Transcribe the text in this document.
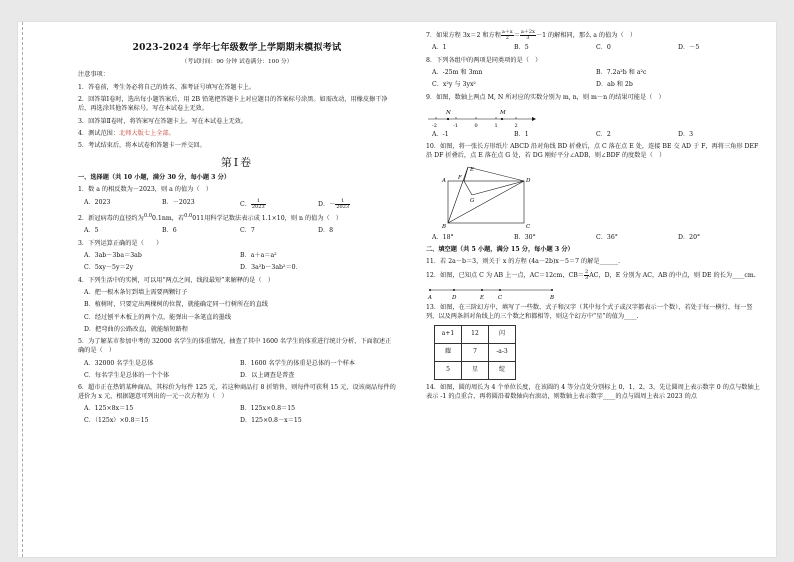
2023-2024 学年七年级数学上学期期末模拟考试
（考试时间：90 分钟 试卷满分：100 分）
注意事项：
1．答卷前，考生务必将自己的姓名、准考证号填写在答题卡上。
2．回答第Ⅰ卷时，选出每小题答案后，用 2B 铅笔把答题卡上对应题目的答案标号涂黑。如需改动，用橡皮擦干净后，再选涂其他答案标号。写在本试卷上无效。
3．回答第Ⅱ卷时，将答案写在答题卡上。写在本试卷上无效。
4．测试范围：北师大版七上全部。
5．考试结束后，将本试卷和答题卡一并交回。
第Ⅰ卷
一、选择题（共 10 小题，满分 30 分，每小题 3 分）
1．数 a 的相反数为－2023，则 a 的值为（　）
A．2023	B．－2023	C． $\frac{1}{2023}$	D．－ $\frac{1}{2023}$
2．新冠病毒的直径约为$^{0.0}$0.1nm，若$^{0.0}$011用科学记数法表示成 1.1×10，则 n 的值为（　）
A．5	B．6	C．7	D．8
3．下列运算正确的是（　　）
A．3ab－3ba＝3ab	B．a＋a＝a²
C．5xy－5y＝2y	D．3a²b－3ab²＝0．
4．下列生活中的实例，可以用“两点之间，线段最短”来解释的是（　）
A．把一根木条钉到墙上需要两颗钉子
B．植树时，只要定出两棵树的位置，就能确定同一行树所在的直线
C．经过刨平木板上的两个点，能弹出一条笔直的墨线
D．把弯曲的公路改直，就能缩短路程
5．为了解某市参加中考的 32000 名学生的体重情况，抽查了其中 1600 名学生的体重进行统计分析，下面叙述正确的是（　）
A．32000 名学生是总体	B．1600 名学生的体重是总体的一个样本
C．每名学生是总体的一个个体	D．以上调查是普查
6．超市正在热销某种商品，其标价为每件 125 元，若这种商品打 8 折销售，则每件可获利 15 元，设该商品每件的进价为 x 元，根据题意可列出的一元一次方程为（　）
A．125×8x＝15	B．125x×0.8＝15
C．（125x）×0.8＝15	D．125×0.8－x＝15
7．如果方程 3x＝2 和方程 $\frac{a+x}{2} = \frac{a+2x}{3} -1$ 的解相同，那么 a 的值为（　）
A．1	B．5	C．0	D．－5
8．下列各组中的两项是同类项的是（　）
A．-25m 和 3mn	B．7.2a²b 和 a²c
C．x²y 与 3yx²	D．ab 和 2b
9．如图，数轴上两点 M, N 所对应的实数分别为 m, n，则 m－n 的结果可能是（　）
N	M
-2	-1	0	1	2
A．-1	B．1	C．2	D．3
10．如图，将一张长方形纸片 ABCD 沿对角线 BD 折叠后，点 C 落在点 E 处，连接 BE 交 AD 于 F，再将三角形 DEF 沿 DF 折叠后，点 E 落在点 G 处，若 DG 刚好平分∠ADB，则∠BDF 的度数是（　）
A
B	C
D
E
F
G
A．18°	B．30°	C．36°	D．20°
二、填空题（共 5 小题，满分 15 分，每小题 3 分）
11．若 2a－b＝3，则关于 x 的方程 (4a－2b)x－5＝7 的解是______.
12．如图，已知点 C 为 AB 上一点，AC＝12cm，$CB= \frac{2}{3}$ AC，D，E 分别为 AC，AB 的中点，则 DE 的长为____cm.
A	D	E	C	B
13．如图，在三阶幻方中，填写了一些数、式子和汉字（其中每个式子或汉字都表示一个数），若处于每一横行、每一竖列，以及两条斜对角线上的三个数之和都相等，则这个幻方中“星”的值为____.
a+1	12	闪
耀	7	-a-3
5	星	绽
14．如图，圆的周长为 4 个单位长度，在该圆的 4 等分点处分别标上 0，1，2，3，先让圆周上表示数字 0 的点与数轴上表示 -1 的点重合，再将圆沿着数轴向右滚动，则数轴上表示数字____的点与圆周上表示 2023 的点
